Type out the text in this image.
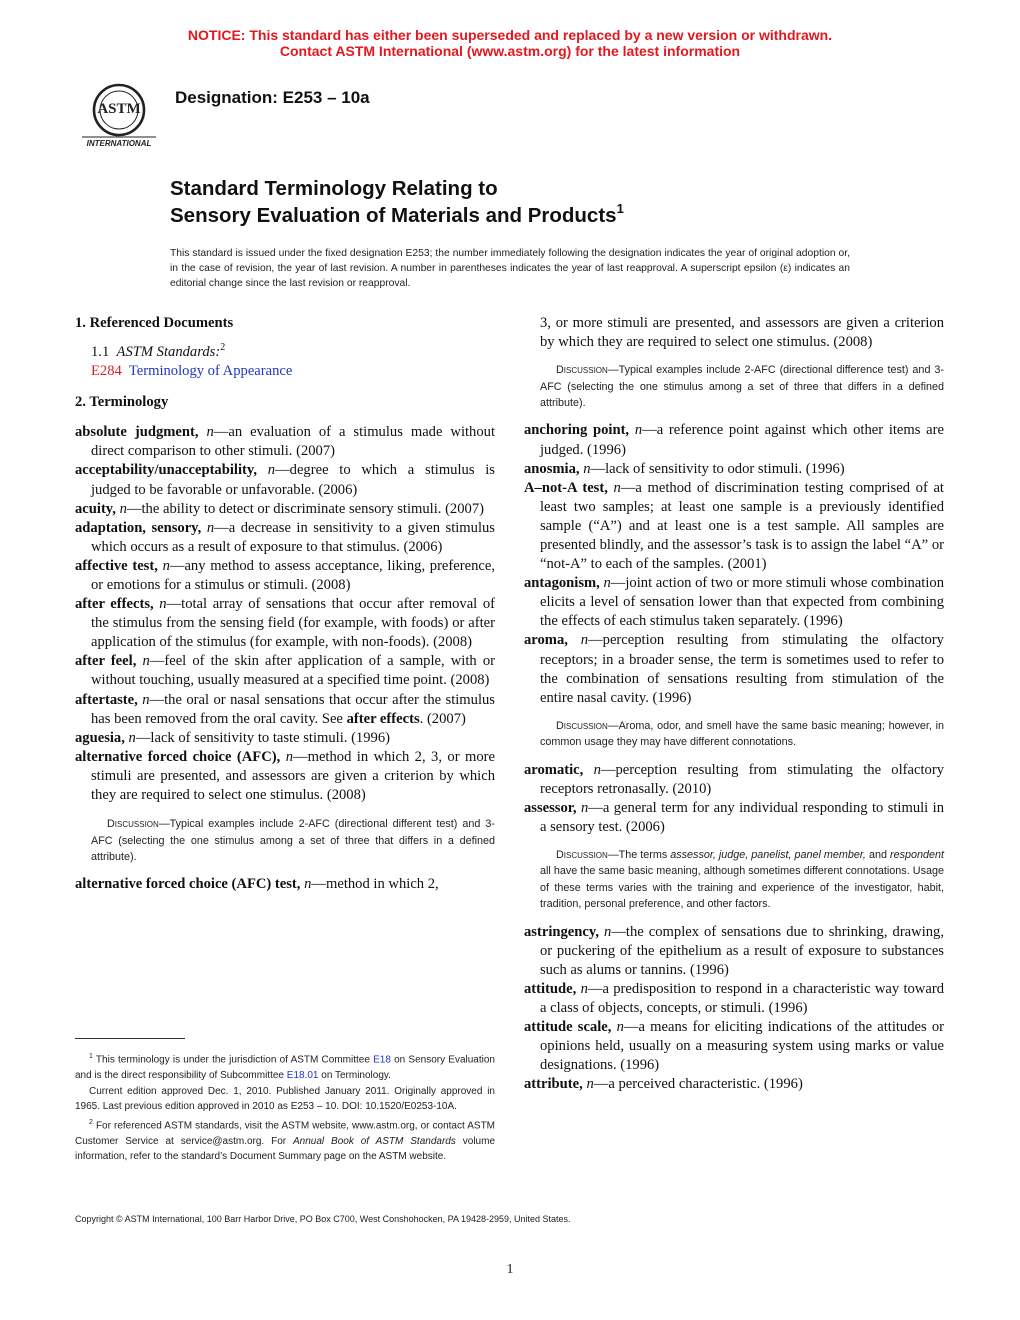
NOTICE: This standard has either been superseded and replaced by a new version or withdrawn.
Contact ASTM International (www.astm.org) for the latest information
ASTM
INTERNATIONAL
Designation: E253 – 10a
Standard Terminology Relating to
Sensory Evaluation of Materials and Products$^1$
This standard is issued under the fixed designation E253; the number immediately following the designation indicates the year of original adoption or, in the case of revision, the year of last revision. A number in parentheses indicates the year of last reapproval. A superscript epsilon (ε) indicates an editorial change since the last revision or reapproval.

1. Referenced Documents

1.1 ASTM Standards:$^2$

E284 Terminology of Appearance

2. Terminology

absolute judgment, n—an evaluation of a stimulus made without direct comparison to other stimuli. (2007)

acceptability/unacceptability, n—degree to which a stimulus is judged to be favorable or unfavorable. (2006)

acuity, n—the ability to detect or discriminate sensory stimuli. (2007)

adaptation, sensory, n—a decrease in sensitivity to a given stimulus which occurs as a result of exposure to that stimulus. (2006)

affective test, n—any method to assess acceptance, liking, preference, or emotions for a stimulus or stimuli. (2008)

after effects, n—total array of sensations that occur after removal of the stimulus from the sensing field (for example, with foods) or after application of the stimulus (for example, with non-foods). (2008)

after feel, n—feel of the skin after application of a sample, with or without touching, usually measured at a specified time point. (2008)

aftertaste, n—the oral or nasal sensations that occur after the stimulus has been removed from the oral cavity. See after effects. (2007)

aguesia, n—lack of sensitivity to taste stimuli. (1996)

alternative forced choice (AFC), n—method in which 2, 3, or more stimuli are presented, and assessors are given a criterion by which they are required to select one stimulus. (2008)

Discussion—Typical examples include 2-AFC (directional different test) and 3-AFC (selecting the one stimulus among a set of three that differs in a defined attribute).

alternative forced choice (AFC) test, n—method in which 2,

3, or more stimuli are presented, and assessors are given a criterion by which they are required to select one stimulus. (2008)

Discussion—Typical examples include 2-AFC (directional difference test) and 3-AFC (selecting the one stimulus among a set of three that differs in a defined attribute).

anchoring point, n—a reference point against which other items are judged. (1996)

anosmia, n—lack of sensitivity to odor stimuli. (1996)

A–not-A test, n—a method of discrimination testing comprised of at least two samples; at least one sample is a previously identified sample (“A”) and at least one is a test sample. All samples are presented blindly, and the assessor’s task is to assign the label “A” or “not-A” to each of the samples. (2001)

antagonism, n—joint action of two or more stimuli whose combination elicits a level of sensation lower than that expected from combining the effects of each stimulus taken separately. (1996)

aroma, n—perception resulting from stimulating the olfactory receptors; in a broader sense, the term is sometimes used to refer to the combination of sensations resulting from stimulation of the entire nasal cavity. (1996)

Discussion—Aroma, odor, and smell have the same basic meaning; however, in common usage they may have different connotations.

aromatic, n—perception resulting from stimulating the olfactory receptors retronasally. (2010)

assessor, n—a general term for any individual responding to stimuli in a sensory test. (2006)

Discussion—The terms assessor, judge, panelist, panel member, and respondent all have the same basic meaning, although sometimes different connotations. Usage of these terms varies with the training and experience of the investigator, habit, tradition, personal preference, and other factors.

astringency, n—the complex of sensations due to shrinking, drawing, or puckering of the epithelium as a result of exposure to substances such as alums or tannins. (1996)

attitude, n—a predisposition to respond in a characteristic way toward a class of objects, concepts, or stimuli. (1996)

attitude scale, n—a means for eliciting indications of the attitudes or opinions held, usually on a measuring system using marks or value designations. (1996)

attribute, n—a perceived characteristic. (1996)

$^1$ This terminology is under the jurisdiction of ASTM Committee E18 on Sensory Evaluation and is the direct responsibility of Subcommittee E18.01 on Terminology.

Current edition approved Dec. 1, 2010. Published January 2011. Originally approved in 1965. Last previous edition approved in 2010 as E253 – 10. DOI: 10.1520/E0253-10A.

$^2$ For referenced ASTM standards, visit the ASTM website, www.astm.org, or contact ASTM Customer Service at service@astm.org. For Annual Book of ASTM Standards volume information, refer to the standard’s Document Summary page on the ASTM website.

Copyright © ASTM International, 100 Barr Harbor Drive, PO Box C700, West Conshohocken, PA 19428-2959, United States.
1
